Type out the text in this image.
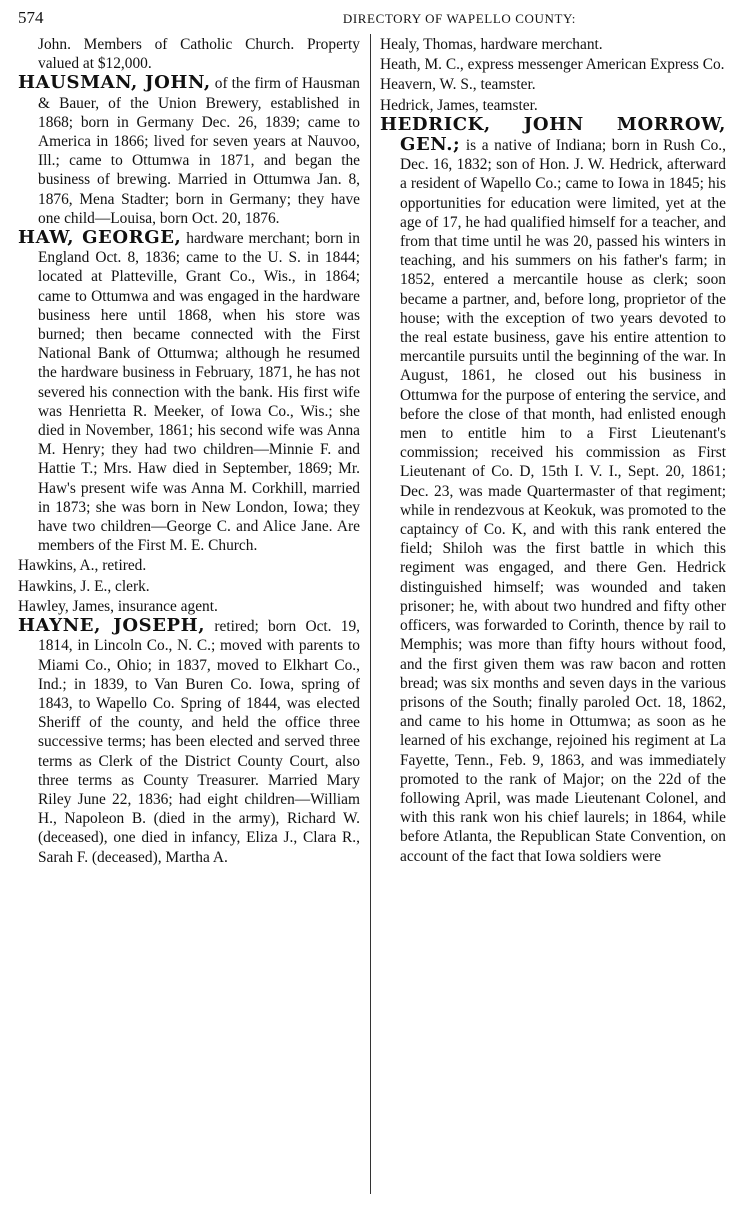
574	DIRECTORY OF WAPELLO COUNTY:

John. Members of Catholic Church. Property valued at $12,000.

HAUSMAN, JOHN, of the firm of Hausman & Bauer, of the Union Brewery, established in 1868; born in Germany Dec. 26, 1839; came to America in 1866; lived for seven years at Nauvoo, Ill.; came to Ottumwa in 1871, and began the business of brewing. Married in Ottumwa Jan. 8, 1876, Mena Stadter; born in Germany; they have one child—Louisa, born Oct. 20, 1876.

HAW, GEORGE, hardware merchant; born in England Oct. 8, 1836; came to the U. S. in 1844; located at Platteville, Grant Co., Wis., in 1864; came to Ottumwa and was engaged in the hardware business here until 1868, when his store was burned; then became connected with the First National Bank of Ottumwa; although he resumed the hardware business in February, 1871, he has not severed his connection with the bank. His first wife was Henrietta R. Meeker, of Iowa Co., Wis.; she died in November, 1861; his second wife was Anna M. Henry; they had two children—Minnie F. and Hattie T.; Mrs. Haw died in September, 1869; Mr. Haw's present wife was Anna M. Corkhill, married in 1873; she was born in New London, Iowa; they have two children—George C. and Alice Jane. Are members of the First M. E. Church.

Hawkins, A., retired.

Hawkins, J. E., clerk.

Hawley, James, insurance agent.

HAYNE, JOSEPH, retired; born Oct. 19, 1814, in Lincoln Co., N. C.; moved with parents to Miami Co., Ohio; in 1837, moved to Elkhart Co., Ind.; in 1839, to Van Buren Co. Iowa, spring of 1843, to Wapello Co. Spring of 1844, was elected Sheriff of the county, and held the office three successive terms; has been elected and served three terms as Clerk of the District County Court, also three terms as County Treasurer. Married Mary Riley June 22, 1836; had eight children—William H., Napoleon B. (died in the army), Richard W. (deceased), one died in infancy, Eliza J., Clara R., Sarah F. (deceased), Martha A.

Healy, Thomas, hardware merchant.

Heath, M. C., express messenger American Express Co.

Heavern, W. S., teamster.

Hedrick, James, teamster.

HEDRICK, JOHN MORROW, GEN.; is a native of Indiana; born in Rush Co., Dec. 16, 1832; son of Hon. J. W. Hedrick, afterward a resident of Wapello Co.; came to Iowa in 1845; his opportunities for education were limited, yet at the age of 17, he had qualified himself for a teacher, and from that time until he was 20, passed his winters in teaching, and his summers on his father's farm; in 1852, entered a mercantile house as clerk; soon became a partner, and, before long, proprietor of the house; with the exception of two years devoted to the real estate business, gave his entire attention to mercantile pursuits until the beginning of the war. In August, 1861, he closed out his business in Ottumwa for the purpose of entering the service, and before the close of that month, had enlisted enough men to entitle him to a First Lieutenant's commission; received his commission as First Lieutenant of Co. D, 15th I. V. I., Sept. 20, 1861; Dec. 23, was made Quartermaster of that regiment; while in rendezvous at Keokuk, was promoted to the captaincy of Co. K, and with this rank entered the field; Shiloh was the first battle in which this regiment was engaged, and there Gen. Hedrick distinguished himself; was wounded and taken prisoner; he, with about two hundred and fifty other officers, was forwarded to Corinth, thence by rail to Memphis; was more than fifty hours without food, and the first given them was raw bacon and rotten bread; was six months and seven days in the various prisons of the South; finally paroled Oct. 18, 1862, and came to his home in Ottumwa; as soon as he learned of his exchange, rejoined his regiment at La Fayette, Tenn., Feb. 9, 1863, and was immediately promoted to the rank of Major; on the 22d of the following April, was made Lieutenant Colonel, and with this rank won his chief laurels; in 1864, while before Atlanta, the Republican State Convention, on account of the fact that Iowa soldiers were
